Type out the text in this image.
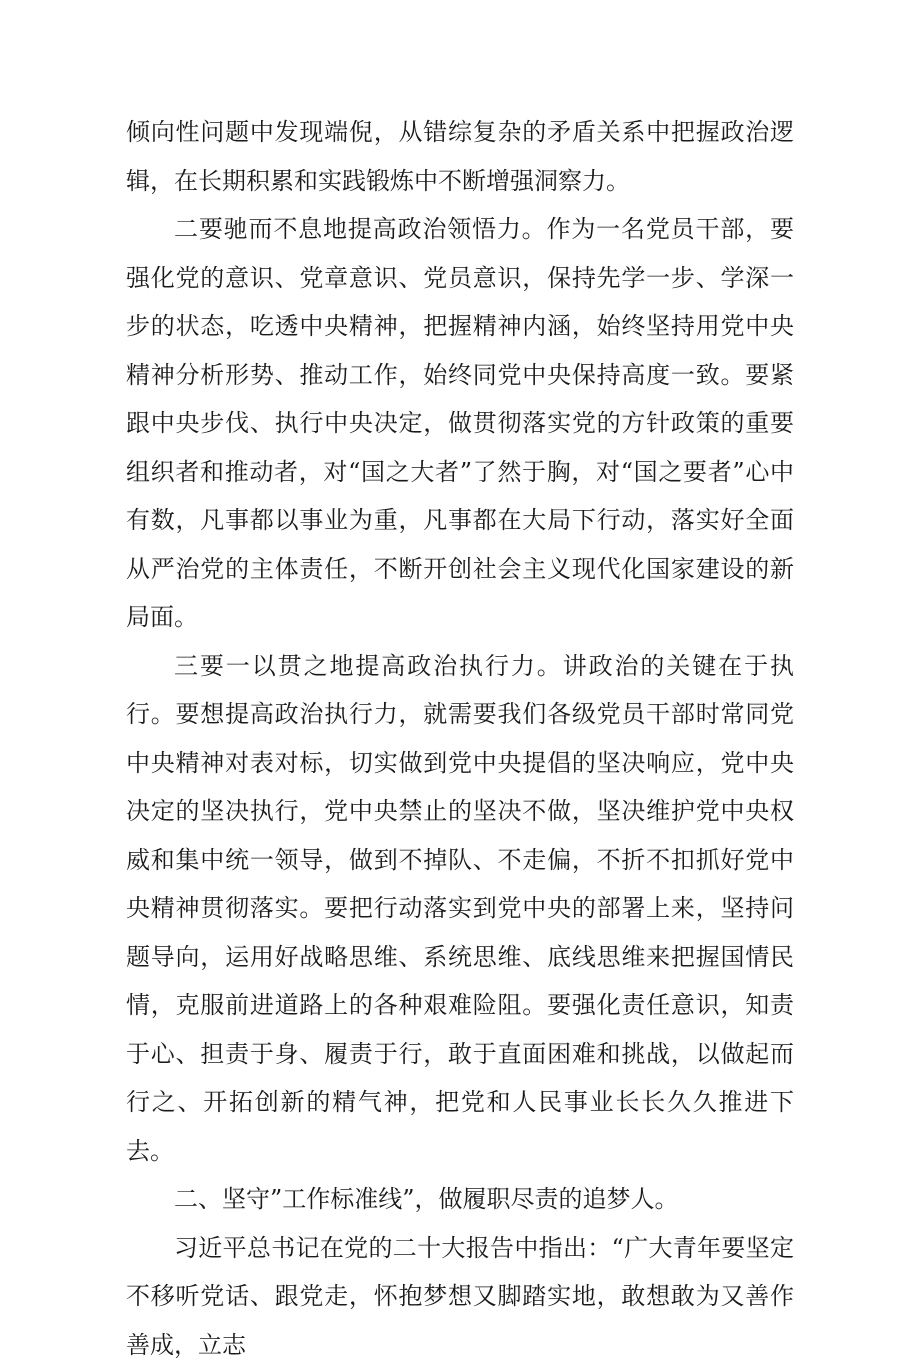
倾向性问题中发现端倪，从错综复杂的矛盾关系中把握政治逻辑，在长期积累和实践锻炼中不断增强洞察力。

二要驰而不息地提高政治领悟力。作为一名党员干部，要强化党的意识、党章意识、党员意识，保持先学一步、学深一步的状态，吃透中央精神，把握精神内涵，始终坚持用党中央精神分析形势、推动工作，始终同党中央保持高度一致。要紧跟中央步伐、执行中央决定，做贯彻落实党的方针政策的重要组织者和推动者，对“国之大者”了然于胸，对“国之要者”心中有数，凡事都以事业为重，凡事都在大局下行动，落实好全面从严治党的主体责任，不断开创社会主义现代化国家建设的新局面。

三要一以贯之地提高政治执行力。讲政治的关键在于执行。要想提高政治执行力，就需要我们各级党员干部时常同党中央精神对表对标，切实做到党中央提倡的坚决响应，党中央决定的坚决执行，党中央禁止的坚决不做，坚决维护党中央权威和集中统一领导，做到不掉队、不走偏，不折不扣抓好党中央精神贯彻落实。要把行动落实到党中央的部署上来，坚持问题导向，运用好战略思维、系统思维、底线思维来把握国情民情，克服前进道路上的各种艰难险阻。要强化责任意识，知责于心、担责于身、履责于行，敢于直面困难和挑战，以做起而行之、开拓创新的精气神，把党和人民事业长长久久推进下去。

二、坚守”工作标准线”，做履职尽责的追梦人。

习近平总书记在党的二十大报告中指出：“广大青年要坚定不移听党话、跟党走，怀抱梦想又脚踏实地，敢想敢为又善作善成，立志
